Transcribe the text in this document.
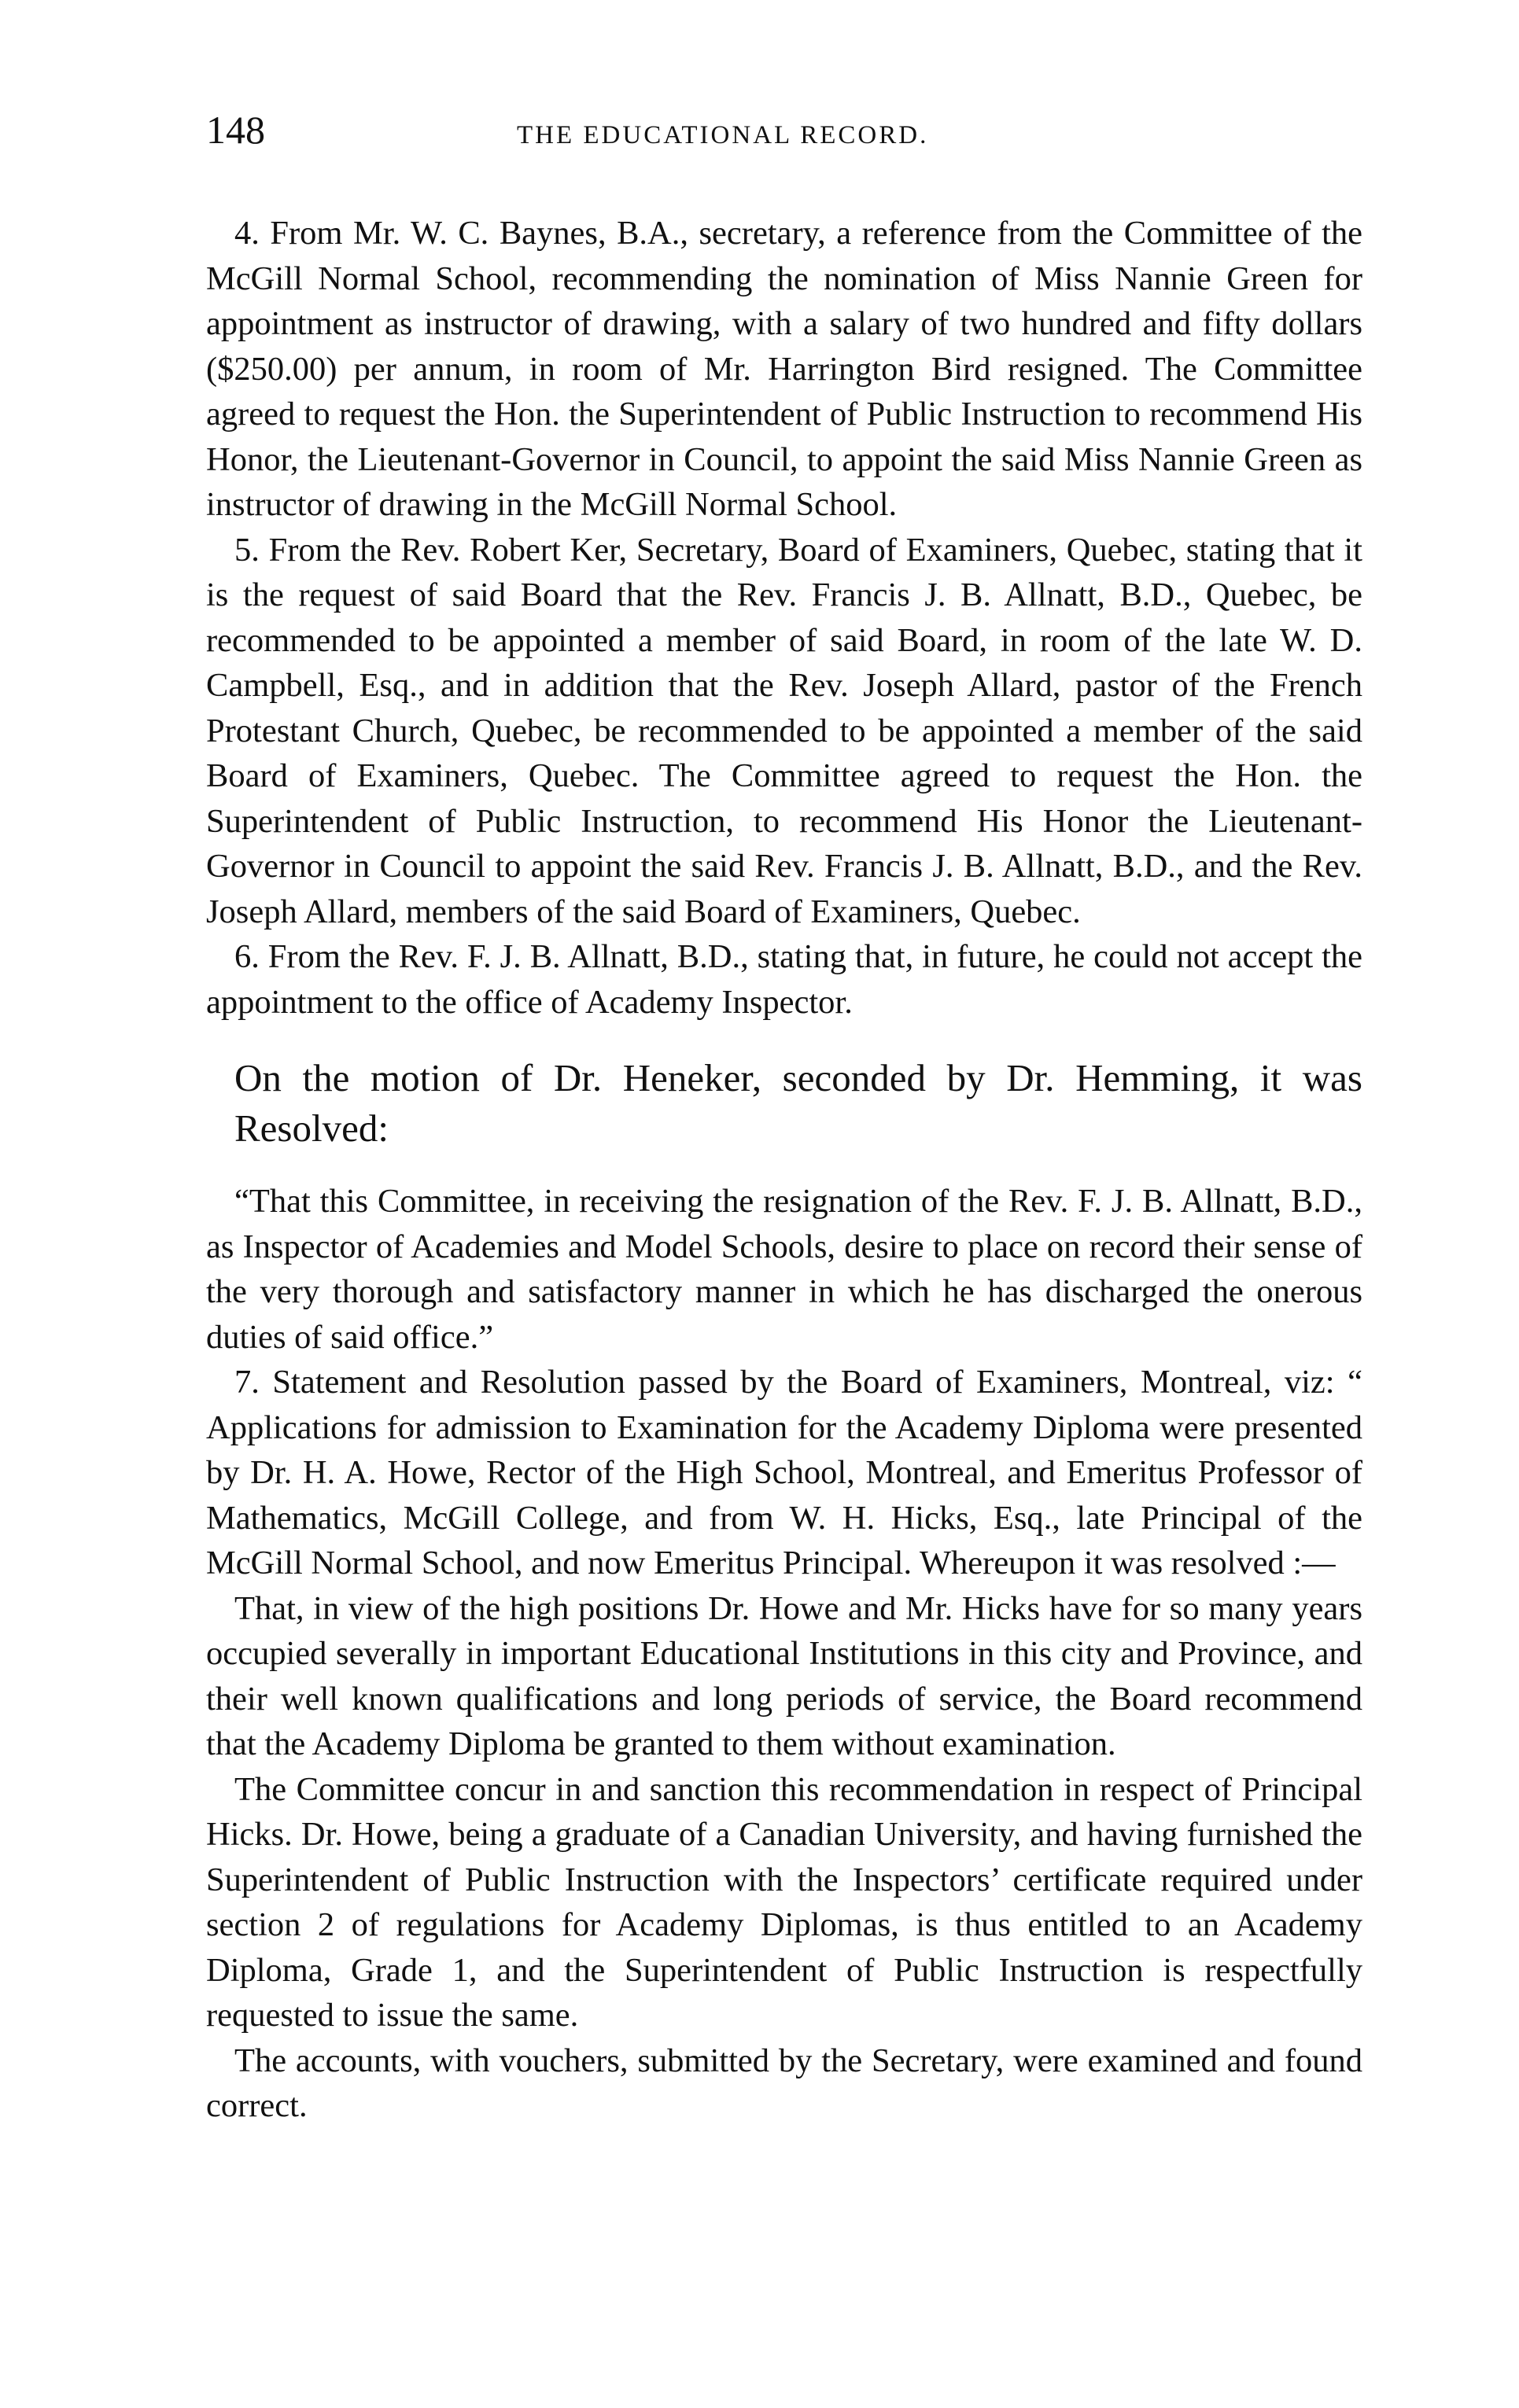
148	THE EDUCATIONAL RECORD.

4. From Mr. W. C. Baynes, B.A., secretary, a reference from the Committee of the McGill Normal School, recommending the nomination of Miss Nannie Green for appointment as instructor of drawing, with a salary of two hundred and fifty dollars ($250.00) per annum, in room of Mr. Harrington Bird resigned. The Committee agreed to request the Hon. the Superintendent of Public Instruction to recommend His Honor, the Lieutenant-Governor in Council, to appoint the said Miss Nannie Green as instructor of drawing in the McGill Normal School.

5. From the Rev. Robert Ker, Secretary, Board of Examiners, Quebec, stating that it is the request of said Board that the Rev. Francis J. B. Allnatt, B.D., Quebec, be recommended to be appointed a member of said Board, in room of the late W. D. Campbell, Esq., and in addition that the Rev. Joseph Allard, pastor of the French Protestant Church, Quebec, be recommended to be appointed a member of the said Board of Examiners, Quebec. The Committee agreed to request the Hon. the Superintendent of Public Instruction, to recommend His Honor the Lieutenant-Governor in Council to appoint the said Rev. Francis J. B. Allnatt, B.D., and the Rev. Joseph Allard, members of the said Board of Examiners, Quebec.

6. From the Rev. F. J. B. Allnatt, B.D., stating that, in future, he could not accept the appointment to the office of Academy Inspector.

On the motion of Dr. Heneker, seconded by Dr. Hemming, it was Resolved:

“That this Committee, in receiving the resignation of the Rev. F. J. B. Allnatt, B.D., as Inspector of Academies and Model Schools, desire to place on record their sense of the very thorough and satisfactory manner in which he has discharged the onerous duties of said office.”

7. Statement and Resolution passed by the Board of Examiners, Montreal, viz: “ Applications for admission to Examination for the Academy Diploma were presented by Dr. H. A. Howe, Rector of the High School, Montreal, and Emeritus Professor of Mathematics, McGill College, and from W. H. Hicks, Esq., late Principal of the McGill Normal School, and now Emeritus Principal. Whereupon it was resolved :—

That, in view of the high positions Dr. Howe and Mr. Hicks have for so many years occupied severally in important Educational Institutions in this city and Province, and their well known qualifications and long periods of service, the Board recommend that the Academy Diploma be granted to them without examination.

The Committee concur in and sanction this recommendation in respect of Principal Hicks. Dr. Howe, being a graduate of a Canadian University, and having furnished the Superintendent of Public Instruction with the Inspectors’ certificate required under section 2 of regulations for Academy Diplomas, is thus entitled to an Academy Diploma, Grade 1, and the Superintendent of Public Instruction is respectfully requested to issue the same.

The accounts, with vouchers, submitted by the Secretary, were examined and found correct.
